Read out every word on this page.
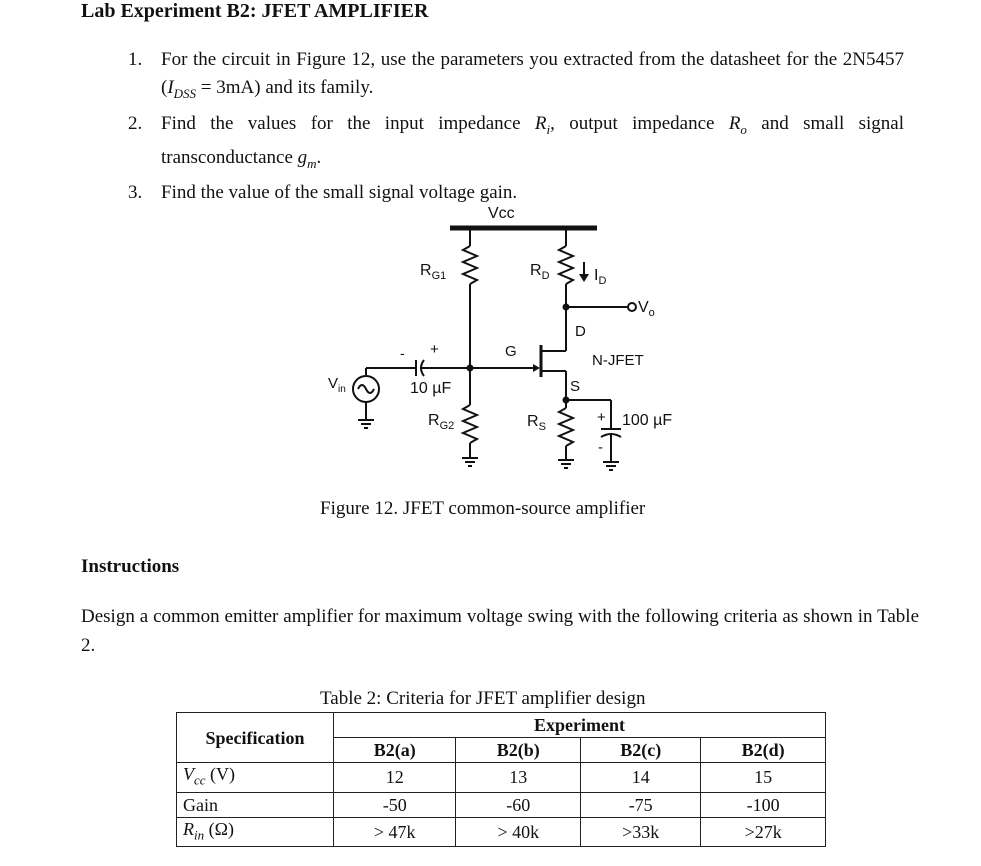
Lab Experiment B2: JFET AMPLIFIER
1. For the circuit in Figure 12, use the parameters you extracted from the datasheet for the 2N5457 $(I_{DSS} = 3mA)$ and its family.
2. Find the values for the input impedance $R_i$, output impedance $R_o$ and small signal transconductance $g_m$.
3. Find the value of the small signal voltage gain.
Vcc
$R_{G1}$	$R_D$	$I_D$
$V_o$
D
G
S
N-JFET
$R_{G2}$
- +
10 µF
$V_{in}$
$R_S$
+
-
100 µF
Figure 12. JFET common-source amplifier
Instructions
Design a common emitter amplifier for maximum voltage swing with the following criteria as shown in Table 2.
Table 2: Criteria for JFET amplifier design
Specification	Experiment			
	B2(a)	B2(b)	B2(c)	B2(d)
$V_{cc}$ (V)	12	13	14	15
Gain	-50	-60	-75	-100
$R_{in}$ (Ω)	> 47k	> 40k	>33k	>27k
